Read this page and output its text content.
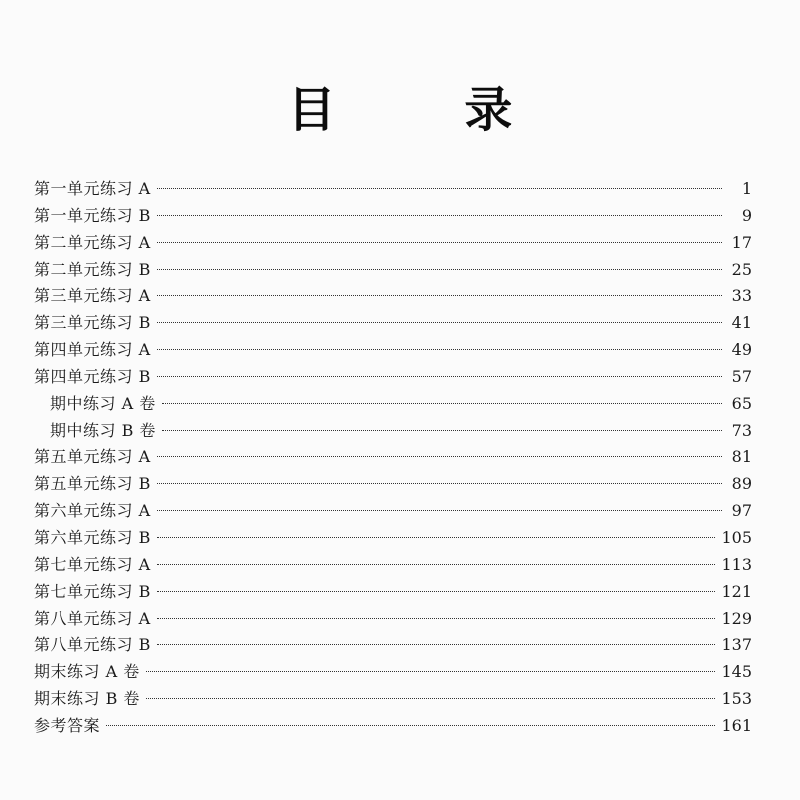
目 录
第一单元练习 A	1
第一单元练习 B	9
第二单元练习 A	17
第二单元练习 B	25
第三单元练习 A	33
第三单元练习 B	41
第四单元练习 A	49
第四单元练习 B	57
期中练习 A 卷	65
期中练习 B 卷	73
第五单元练习 A	81
第五单元练习 B	89
第六单元练习 A	97
第六单元练习 B	105
第七单元练习 A	113
第七单元练习 B	121
第八单元练习 A	129
第八单元练习 B	137
期末练习 A 卷	145
期末练习 B 卷	153
参考答案	161
